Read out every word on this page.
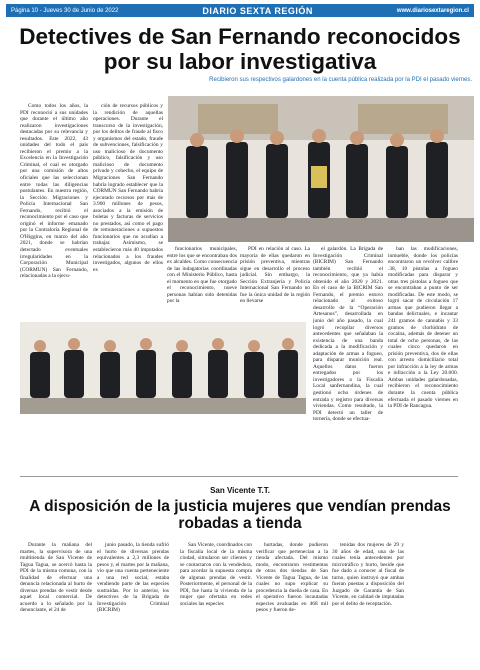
Página 10 - Jueves 30 de Junio de 2022	DIARIO SEXTA REGIÓN	www.diariosextaregion.cl
Detectives de San Fernando reconocidos por su labor investigativa
Recibieron sus respectivos galardones en la cuenta pública realizada por la PDI el pasado viernes.

Como todos los años, la PDI reconoció a sus unidades que durante el último año realizaron investigaciones destacadas por su relevancia y resultados. Este 2022, 43 unidades del todo el país recibieron el premio a la Excelencia en la Investigación Criminal, el cual es otorgado por una comisión de altos oficiales que las seleccionan entre todas las diligencias postulantes. En nuestra región, la Sección Migraciones y Policía Internacional San Fernando, recibió el reconocimiento por el caso que originó el informe emanado por la Contraloría Regional de O'Higgins, en marzo del año 2021, donde se habrían detectado eventuales irregularidades en la Corporación Municipal (CORMUN) San Fernando, relacionadas a la ejecu-

ción de recursos públicos y la rendición de aquellas operaciones. Durante el transcurso de la investigación, por los delitos de fraude al fisco y organismos del estado, fraude de subvenciones, falsificación y uso malicioso de documento público, falsificación y uso malicioso de documento privado y cohecho, el equipo de Migraciones San Fernando habría logrado establecer que la CORMUN San Fernando habría ejecutado recursos por más de 3.900 millones de pesos, asociados a la emisión de boletas y facturas de servicios no prestados, así como el pago de remuneraciones a supuestos funcionarios que no acudían a trabajar. Asimismo, se establecieron más 40 imputados relacionados a los fraudes investigados, algunos de ellos ex

funcionarios municipales, entre los que se encontraban dos ex alcaldes. Como consecuencia de las indagatorias coordinadas con el Ministerio Público, hasta el momento en que fue otorgado el reconocimiento, nueve personas habían sido detenidas por la

PDI en relación al caso. La mayoría de ellas quedaron en prisión preventiva, mientras sigue en desarrollo el proceso judicial. Sin embargo, la Sección Extranjería y Policía Internacional San Fernando no fue la única unidad de la región en llevarse

el galardón. La Brigada de Investigación Criminal (BICRIM) San Fernando también recibió el reconocimiento, que ya había obtenido el año 2020 y 2021. En el caso de la BICRIM San Fernando, el premio estuvo relacionado al exitoso desarrollo de la “Operación Artesanos”, desarrollada en junio del año pasado, la cual logró recopilar diversos antecedentes que señalaban la existencia de una banda dedicada a la modificación y adaptación de armas a fogueo, para disparar munición real. Aquellos datos fueron entregados por los investigadores a la Fiscalía Local sanfernandina, la cual gestionó ocho órdenes de entrada y registro para diversas viviendas. Como resultado, la PDI detectó un taller de tornería, donde se efectua-

ban las modificaciones, inmueble, donde los policías encontraron un revólver calibre .38, 10 pistolas a fogueo modificadas para disparar y otras tres pistolas a fogueo que se encontraban a punto de ser modificadas. De este modo, se logró sacar de circulación 17 armas que pudieron llegar a bandas delictuales, e incautar 241 gramos de cannabis y 33 gramos de clorhidrato de cocaína, además de detener un total de ocho personas, de las cuales cinco quedaron en prisión preventiva, dos de ellas con arresto domiciliario total por infracción a la ley de armas e infracción a la Ley 20.000. Ambas unidades galardonadas, recibieron el reconocimiento durante la cuenta pública efectuada el pasado viernes en la PDI de Rancagua.

San Vicente T.T.
A disposición de la justicia mujeres que vendían prendas robadas a tienda

Durante la mañana del martes, la supervisora de una multitienda de San Vicente de Tagua Tagua, se acercó hasta la PDI de la misma comuna, con la finalidad de efectuar una denuncia relacionada al hurto de diversas prendas de vestir desde aquel local comercial. De acuerdo a lo señalado por la denunciante, el 24 de

junio pasado, la tienda sufrió el hurto de diversas prendas equivalentes a 2,3 millones de pesos y, el martes por la mañana, vio que una cuenta perteneciente a una red social, estaba vendiendo parte de las especies sustraídas. Por lo anterior, los detectives de la Brigada de Investigación Criminal (BICRIM)

San Vicente, coordinados con la fiscalía local de la misma ciudad, simularon ser clientes y se contactaron con la vendedora, para acordar la supuesta compra de algunas prendas de vestir. Posteriormente, el personal de la PDI, fue hasta la vivienda de la mujer que ofertaba en redes sociales las especies

hurtadas, donde pudieron verificar que pertenecían a la tienda afectada. Del mismo modo, encontraron vestimentas de otras dos tiendas de San Vicente de Tagua Tagua, de las cuales no supo explicar su procedencia la dueña de casa. En el operativo fueron incautadas especies avaluadas en 468 mil pesos y fueron de-

tenidas dos mujeres de 29 y 30 años de edad, una de las cuales tenía antecedentes por microtráfico y hurto, beside que fue dado a conocer al fiscal de turno, quien instruyó que ambas fueran puestas a disposición del Juzgado de Garantía de San Vicente, en calidad de imputadas por el delito de receptación.
